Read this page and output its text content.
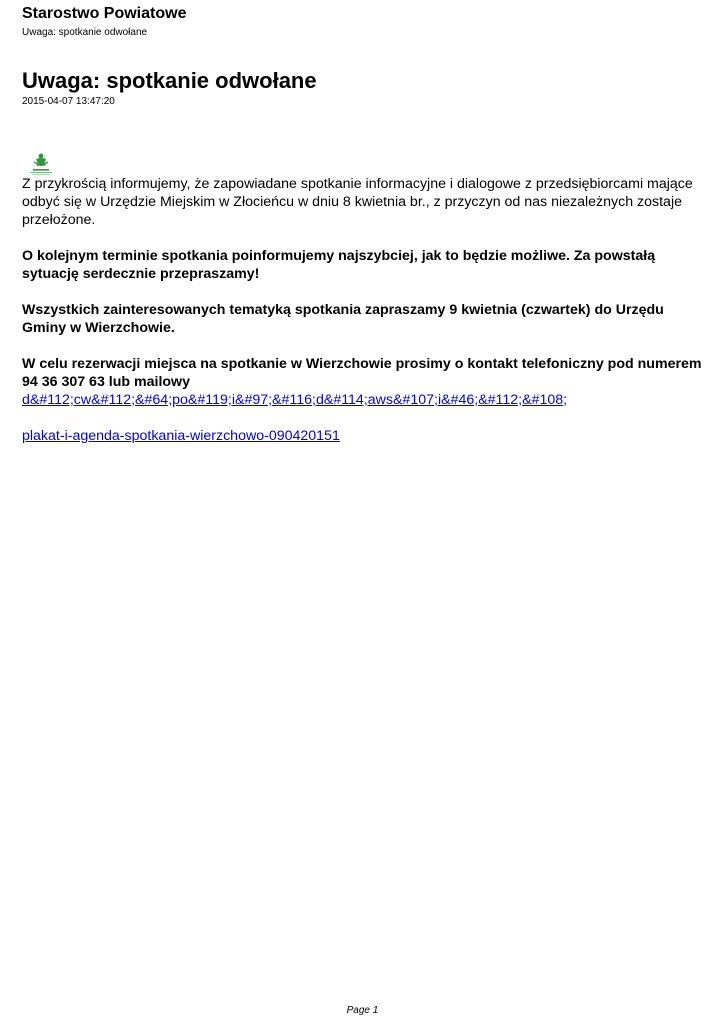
Starostwo Powiatowe
Uwaga: spotkanie odwołane
Uwaga: spotkanie odwołane
2015-04-07 13:47:20

Z przykrością informujemy, że zapowiadane spotkanie informacyjne i dialogowe z przedsiębiorcami mające odbyć się w Urzędzie Miejskim w Złocieńcu w dniu 8 kwietnia br., z przyczyn od nas niezależnych zostaje przełożone.

O kolejnym terminie spotkania poinformujemy najszybciej, jak to będzie możliwe. Za powstałą sytuację serdecznie przepraszamy!

Wszystkich zainteresowanych tematyką spotkania zapraszamy 9 kwietnia (czwartek) do Urzędu Gminy w Wierzchowie.

W celu rezerwacji miejsca na spotkanie w Wierzchowie prosimy o kontakt telefoniczny pod numerem 94 36 307 63 lub mailowy

d&#112;cw&#112;&#64;po&#119;i&#97;&#116;d&#114;aws&#107;i&#46;&#112;&#108;

plakat-i-agenda-spotkania-wierzchowo-090420151

Page 1
